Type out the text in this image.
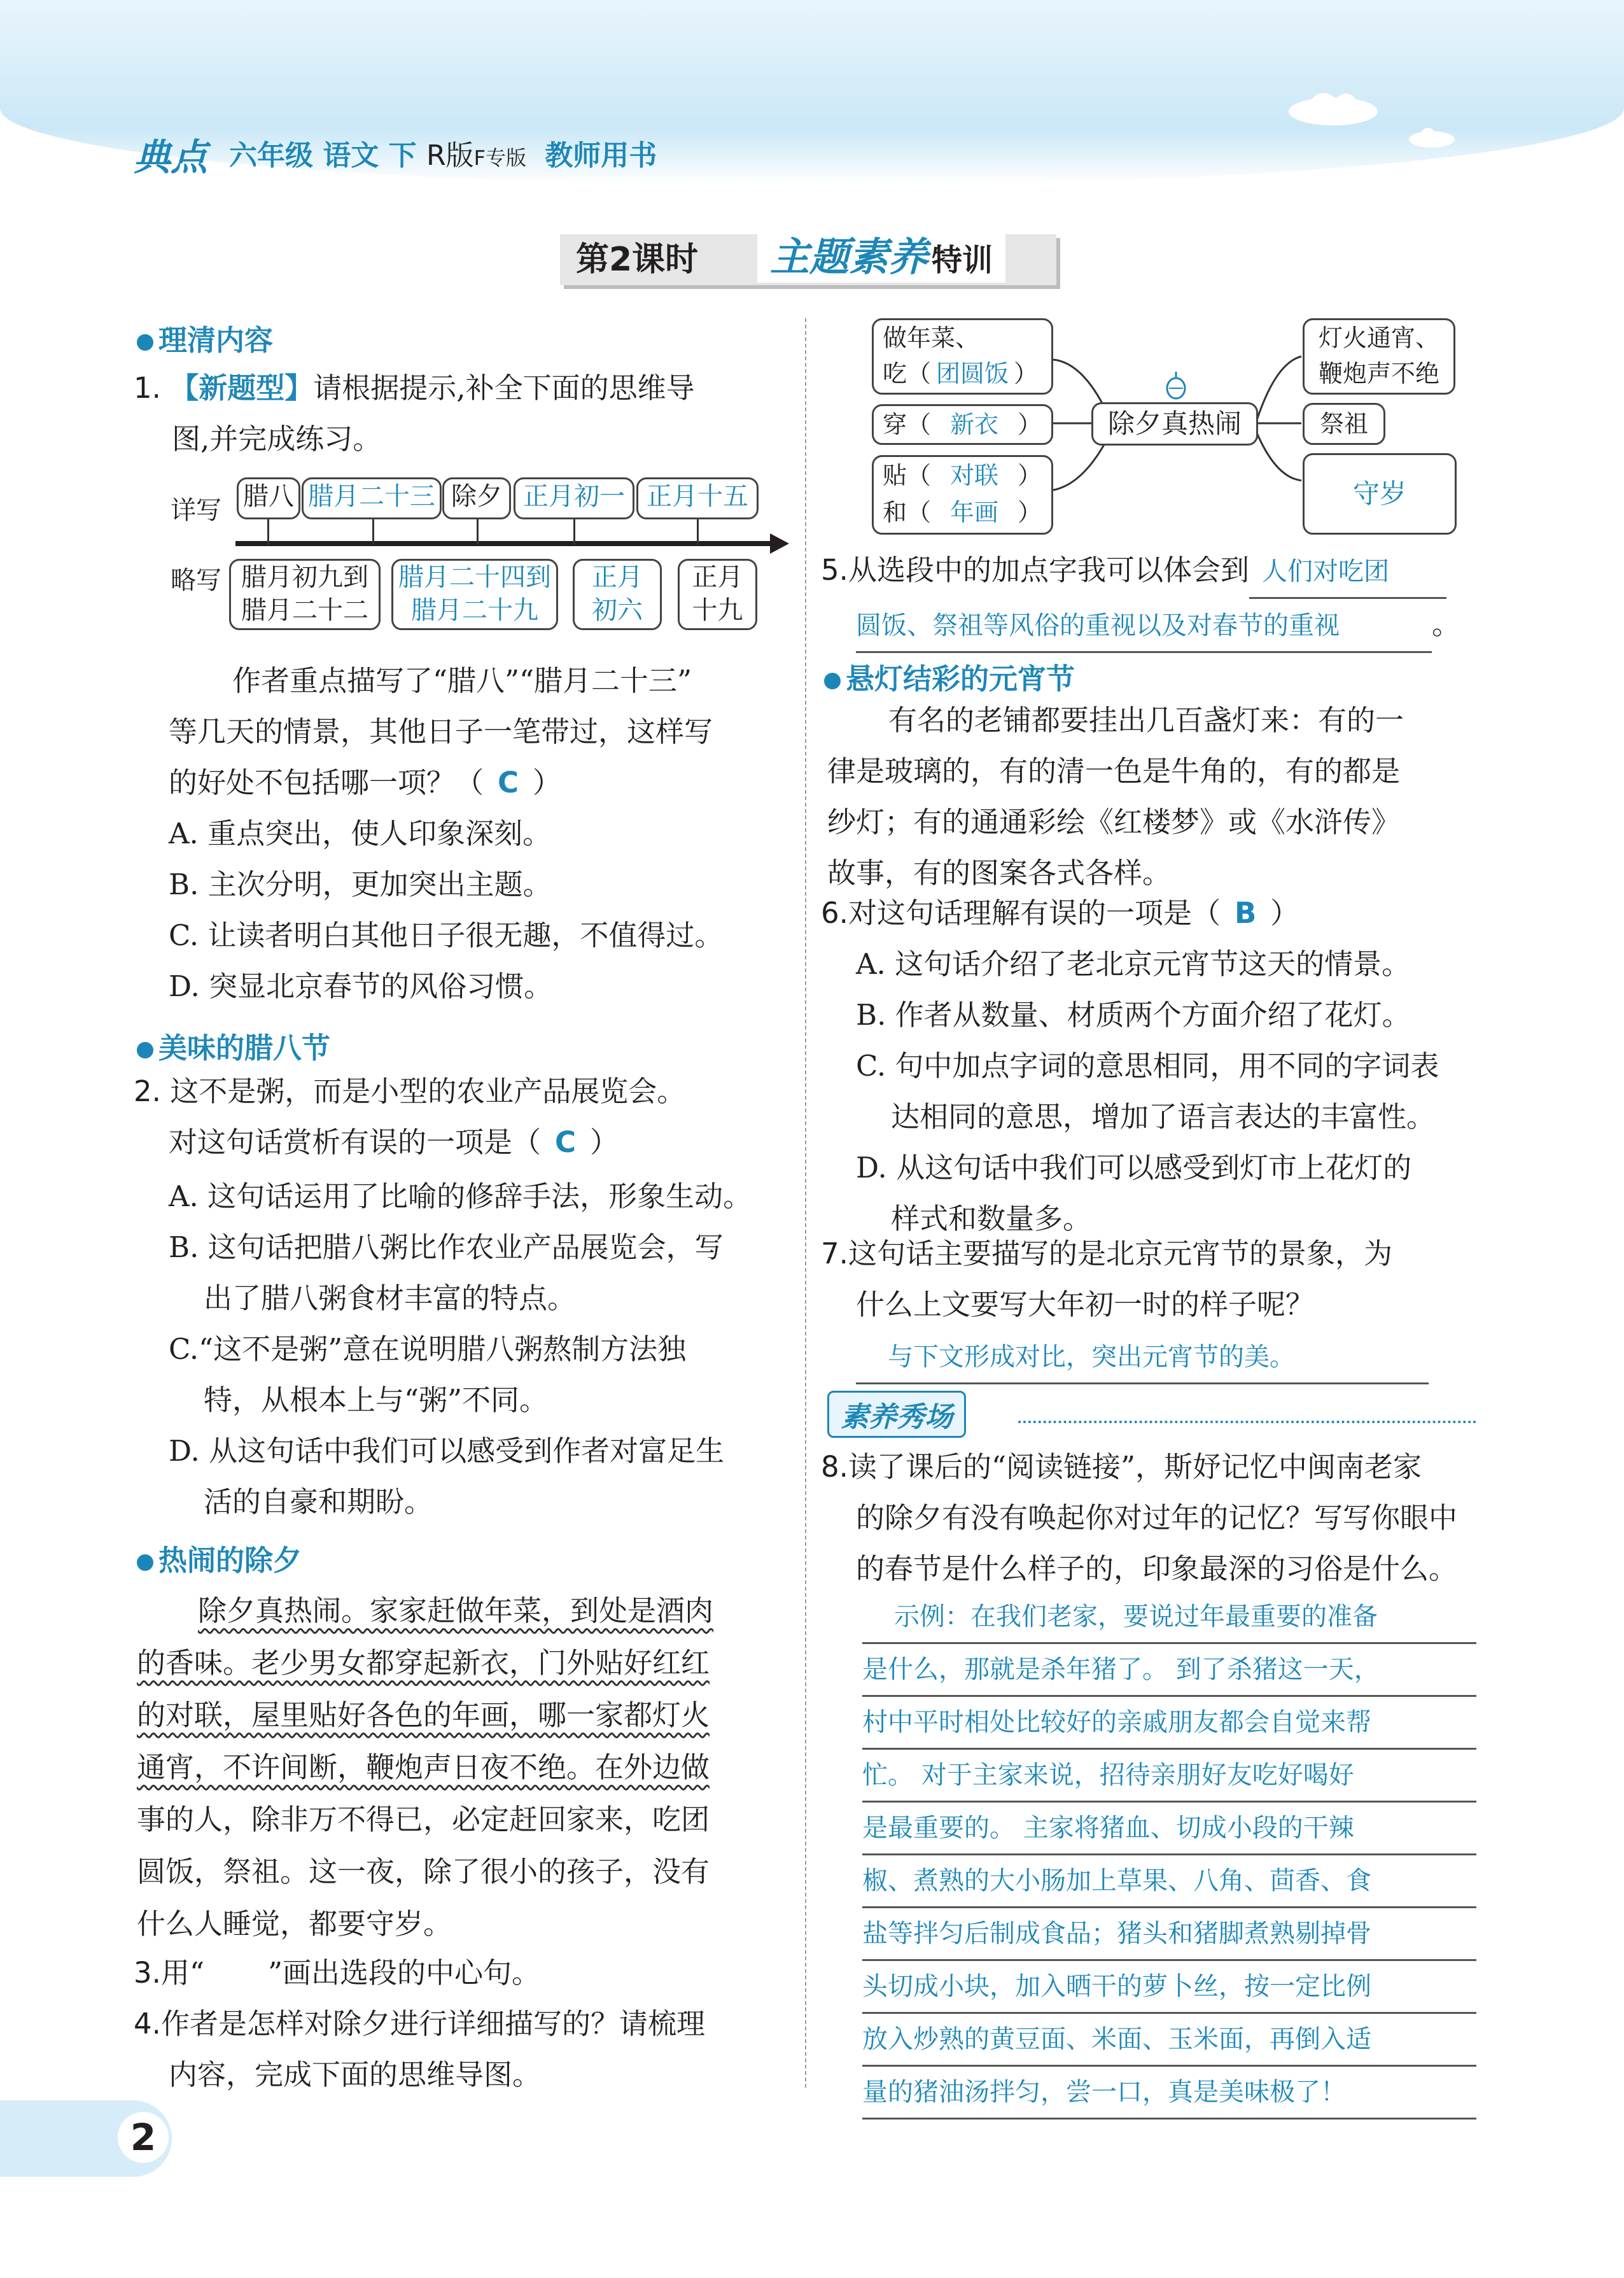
典点 六年级 语文 下 R版F专版 教师用书
第2课时	主题素养 特训
理清内容
1. 【新题型】请根据提示,补全下面的思维导
图,并完成练习。
详写
略写
腊八 腊月二十三 除夕 正月初一 正月十五
腊月初九到
腊月二十二
腊月二十四到
腊月二十九
正月
初六
正月
十九
作者重点描写了“腊八”“腊月二十三”
等几天的情景，其他日子一笔带过，这样写
的好处不包括哪一项？（ C ）
A. 重点突出，使人印象深刻。
B. 主次分明，更加突出主题。
C. 让读者明白其他日子很无趣，不值得过。
D. 突显北京春节的风俗习惯。
美味的腊八节
2. 这不是粥，而是小型的农业产品展览会。
对这句话赏析有误的一项是（ C ）
A. 这句话运用了比喻的修辞手法，形象生动。
B. 这句话把腊八粥比作农业产品展览会，写
出了腊八粥食材丰富的特点。
C.“这不是粥”意在说明腊八粥熬制方法独
特，从根本上与“粥”不同。
D. 从这句话中我们可以感受到作者对富足生
活的自豪和期盼。
热闹的除夕
除夕真热闹。家家赶做年菜，到处是酒肉
的香味。老少男女都穿起新衣，门外贴好红红
的对联，屋里贴好各色的年画，哪一家都灯火
通宵，不许间断，鞭炮声日夜不绝。在外边做
事的人，除非万不得已，必定赶回家来，吃团
圆饭，祭祖。这一夜，除了很小的孩子，没有
什么人睡觉，都要守岁。
3.用“ ”画出选段的中心句。
4.作者是怎样对除夕进行详细描写的？请梳理
内容，完成下面的思维导图。
做年菜、
吃（ 团圆饭 ）
穿（ 新衣 ）
贴（ 对联 ）
和（ 年画 ）
除夕真热闹
灯火通宵、
鞭炮声不绝
祭祖
守岁
5.从选段中的加点字我可以体会到 人们对吃团
圆饭、祭祖等风俗的重视以及对春节的重视	。
悬灯结彩的元宵节
有名的老铺都要挂出几百盏灯来：有的一
律是玻璃的，有的清一色是牛角的，有的都是
纱灯；有的通通彩绘《红楼梦》或《水浒传》
故事，有的图案各式各样。
6.对这句话理解有误的一项是（ B ）
A. 这句话介绍了老北京元宵节这天的情景。
B. 作者从数量、材质两个方面介绍了花灯。
C. 句中加点字词的意思相同，用不同的字词表
达相同的意思，增加了语言表达的丰富性。
D. 从这句话中我们可以感受到灯市上花灯的
样式和数量多。
7.这句话主要描写的是北京元宵节的景象，为
什么上文要写大年初一时的样子呢？
与下文形成对比，突出元宵节的美。
素养秀场
8.读了课后的“阅读链接”，斯妤记忆中闽南老家
的除夕有没有唤起你对过年的记忆？写写你眼中
的春节是什么样子的，印象最深的习俗是什么。
示例：在我们老家，要说过年最重要的准备
是什么，那就是杀年猪了。 到了杀猪这一天，
村中平时相处比较好的亲戚朋友都会自觉来帮
忙。 对于主家来说，招待亲朋好友吃好喝好
是最重要的。 主家将猪血、切成小段的干辣
椒、煮熟的大小肠加上草果、八角、茴香、食
盐等拌匀后制成食品；猪头和猪脚煮熟剔掉骨
头切成小块，加入晒干的萝卜丝，按一定比例
放入炒熟的黄豆面、米面、玉米面，再倒入适
量的猪油汤拌匀，尝一口，真是美味极了！
2
